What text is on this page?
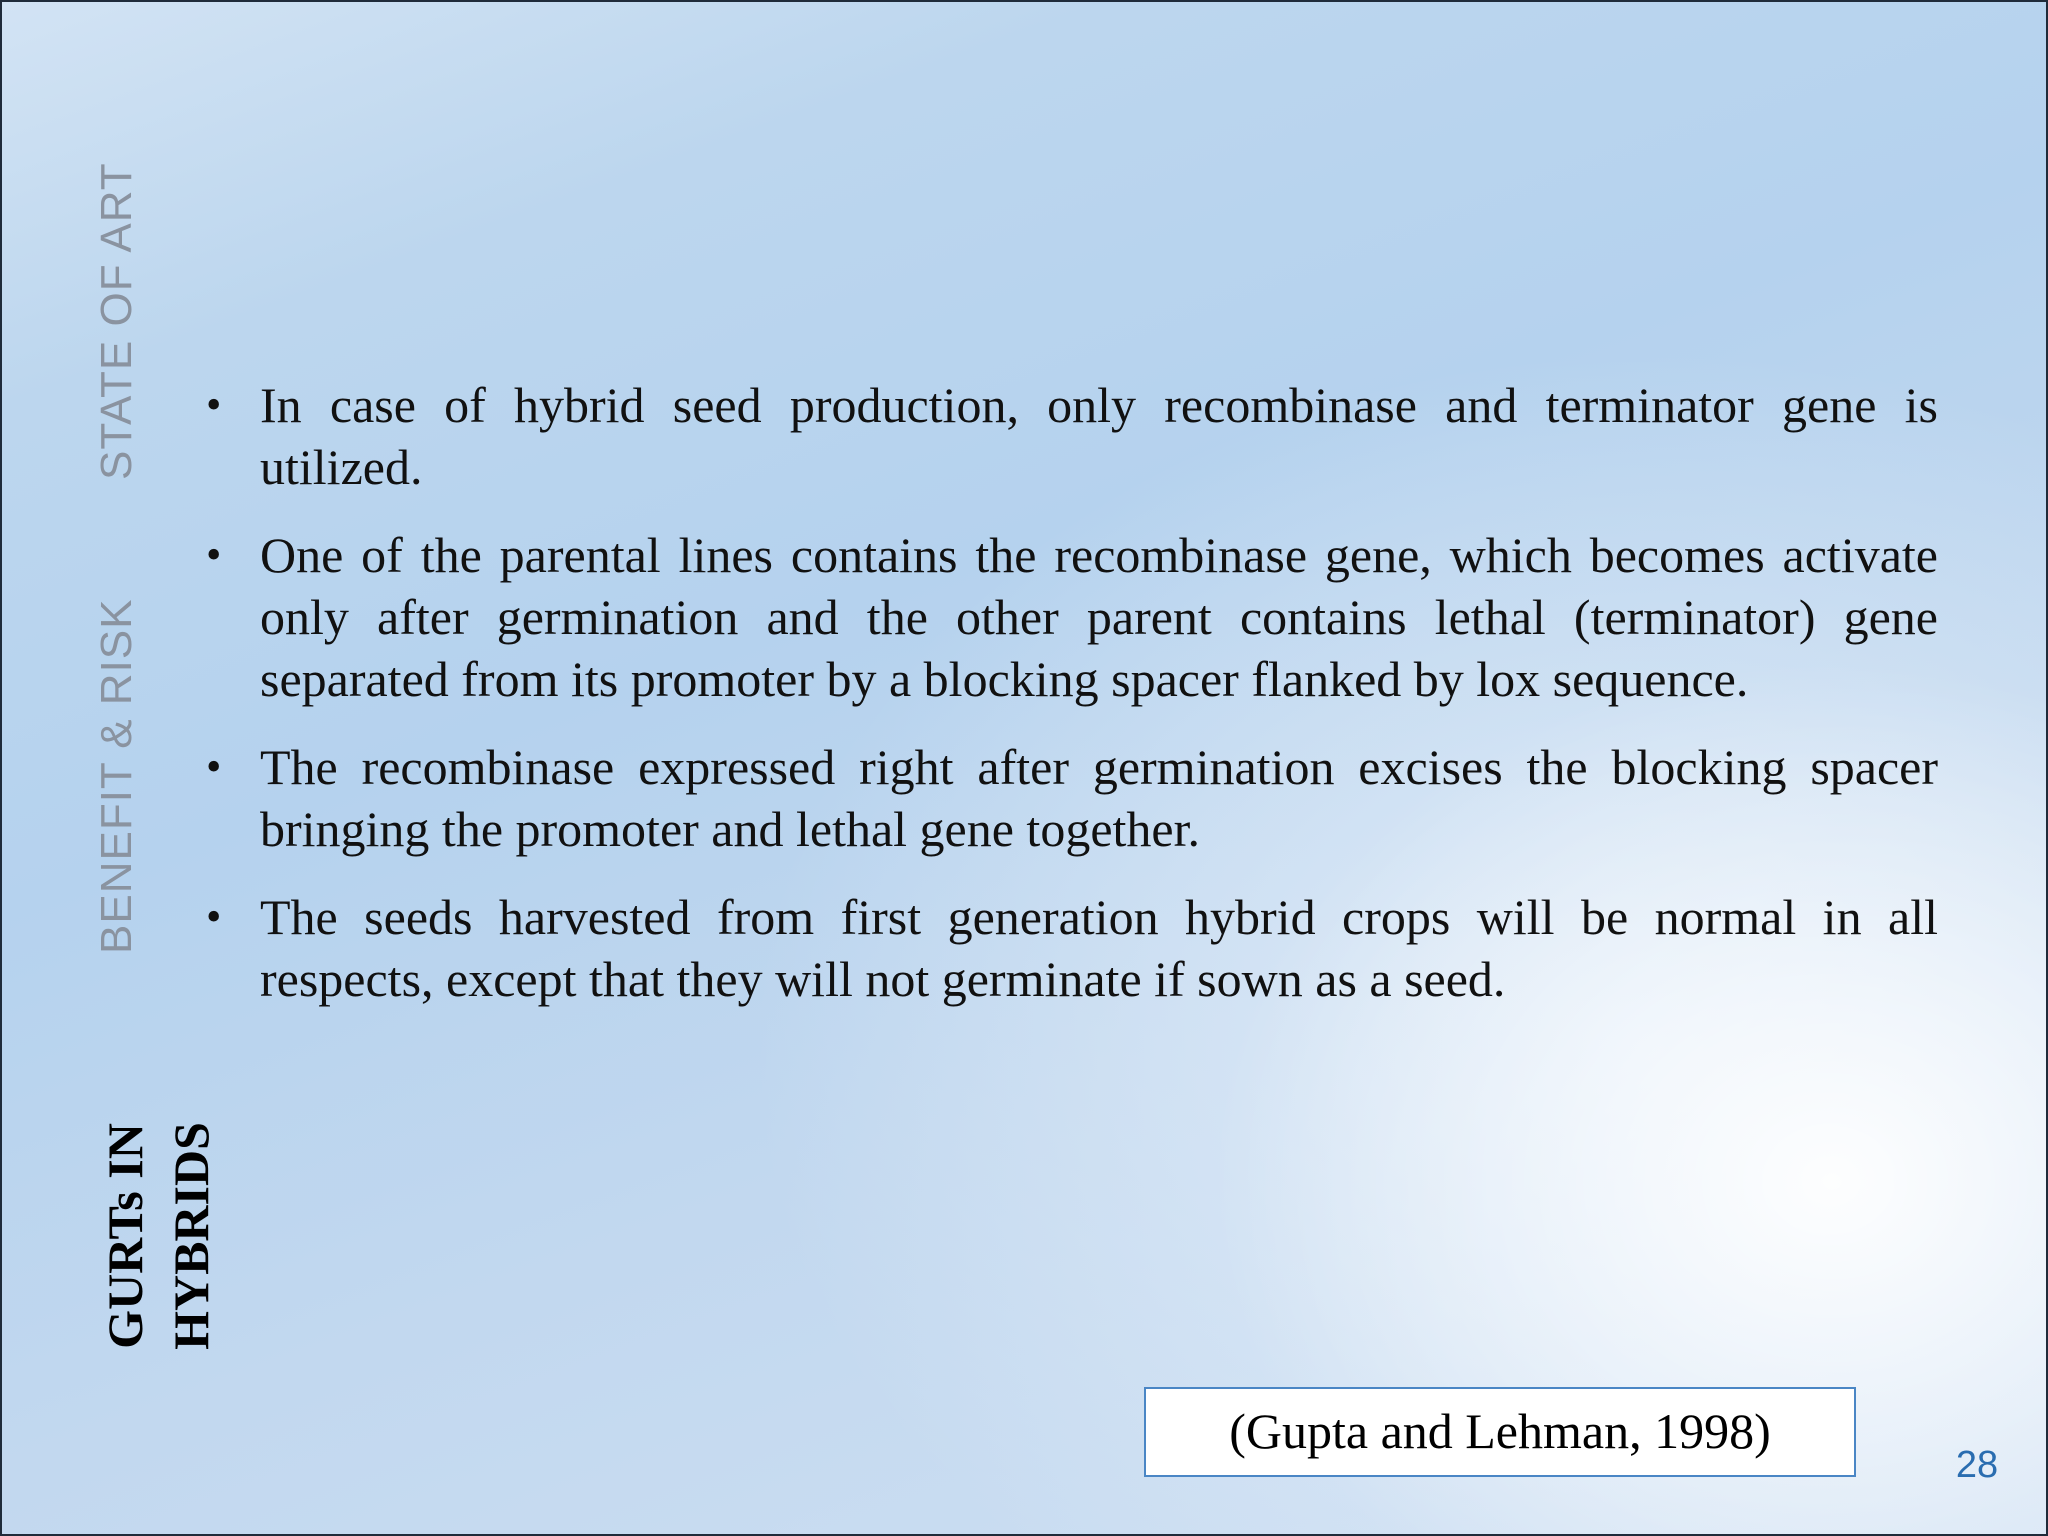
STATE OF ART
BENEFIT & RISK
GURTs IN HYBRIDS
• In case of hybrid seed production, only recombinase and terminator gene is utilized.
• One of the parental lines contains the recombinase gene, which becomes activate only after germination and the other parent contains lethal (terminator) gene separated from its promoter by a blocking spacer flanked by lox sequence.
• The recombinase expressed right after germination excises the blocking spacer bringing the promoter and lethal gene together.
• The seeds harvested from first generation hybrid crops will be normal in all respects, except that they will not germinate if sown as a seed.
(Gupta and Lehman, 1998)
28
